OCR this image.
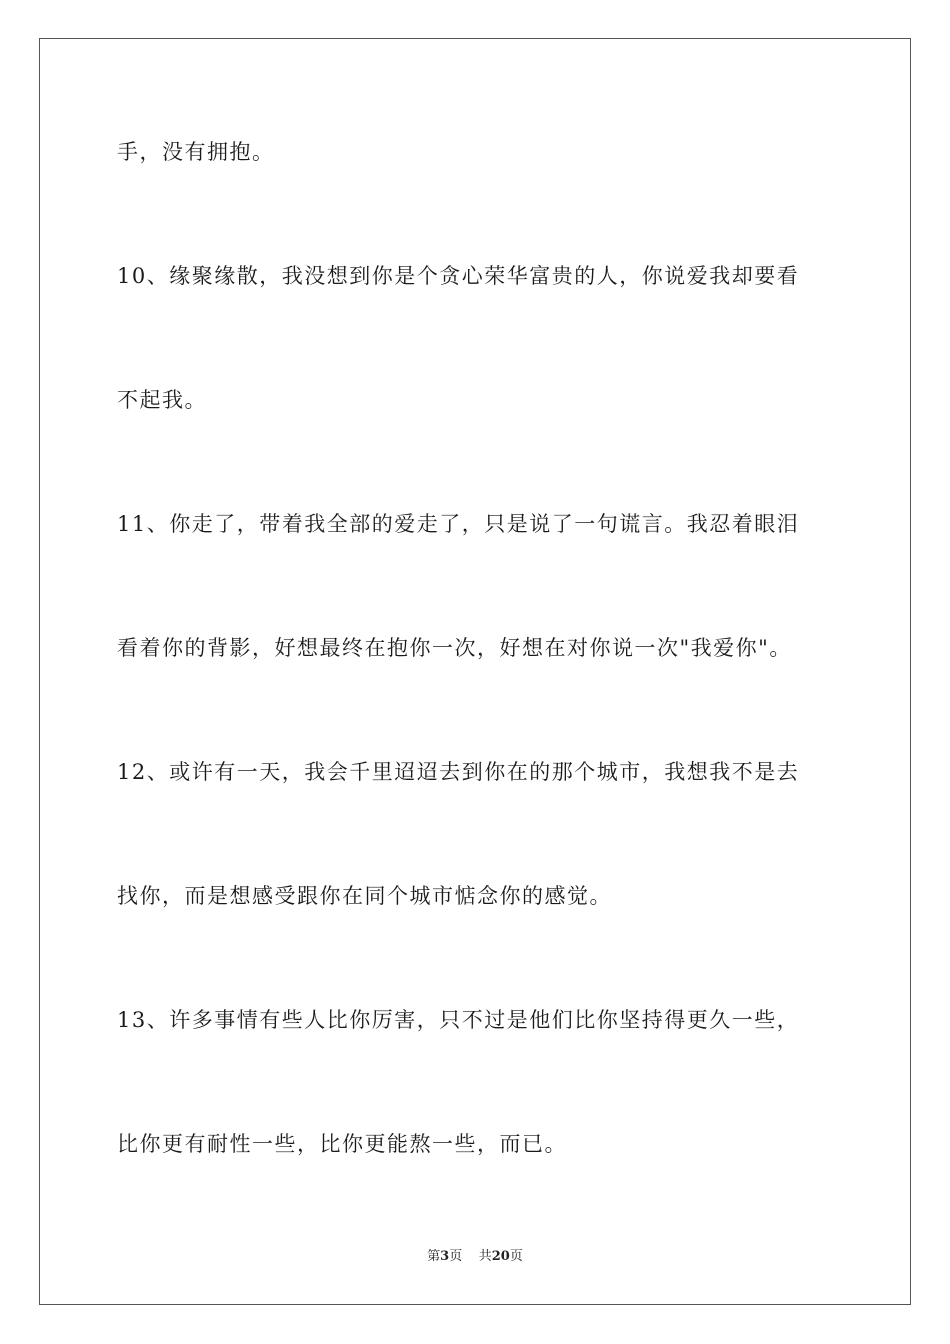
手，没有拥抱。
10、缘聚缘散，我没想到你是个贪心荣华富贵的人，你说爱我却要看
不起我。
11、你走了，带着我全部的爱走了，只是说了一句谎言。我忍着眼泪
看着你的背影，好想最终在抱你一次，好想在对你说一次"我爱你"。
12、或许有一天，我会千里迢迢去到你在的那个城市，我想我不是去
找你，而是想感受跟你在同个城市惦念你的感觉。
13、许多事情有些人比你厉害，只不过是他们比你坚持得更久一些，
比你更有耐性一些，比你更能熬一些，而已。
第3页 共20页
